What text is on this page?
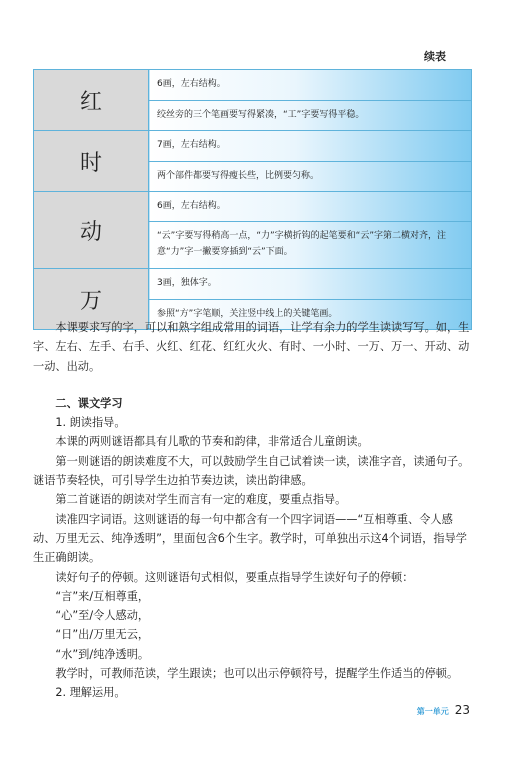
续表
红	6画，左右结构。
	绞丝旁的三个笔画要写得紧凑，“工”字要写得平稳。
时	7画，左右结构。
	两个部件都要写得瘦长些，比例要匀称。
动	6画，左右结构。
	“云”字要写得稍高一点，“力”字横折钩的起笔要和“云”字第二横对齐，注意“力”字一撇要穿插到“云”下面。
万	3画，独体字。
	参照“方”字笔顺，关注竖中线上的关键笔画。

本课要求写的字，可以和熟字组成常用的词语，让学有余力的学生读读写写。如，生字、左右、左手、右手、火红、红花、红红火火、有时、一小时、一万、万一、开动、动一动、出动。

二、课文学习

1. 朗读指导。

本课的两则谜语都具有儿歌的节奏和韵律，非常适合儿童朗读。

第一则谜语的朗读难度不大，可以鼓励学生自己试着读一读，读准字音，读通句子。谜语节奏轻快，可引导学生边拍节奏边读，读出韵律感。

第二首谜语的朗读对学生而言有一定的难度，要重点指导。

读准四字词语。这则谜语的每一句中都含有一个四字词语——“互相尊重、令人感动、万里无云、纯净透明”，里面包含6个生字。教学时，可单独出示这4个词语，指导学生正确朗读。

读好句子的停顿。这则谜语句式相似，要重点指导学生读好句子的停顿：

“言”来/互相尊重，

“心”至/令人感动，

“日”出/万里无云，

“水”到/纯净透明。

教学时，可教师范读，学生跟读；也可以出示停顿符号，提醒学生作适当的停顿。

2. 理解运用。

第一单元 23
